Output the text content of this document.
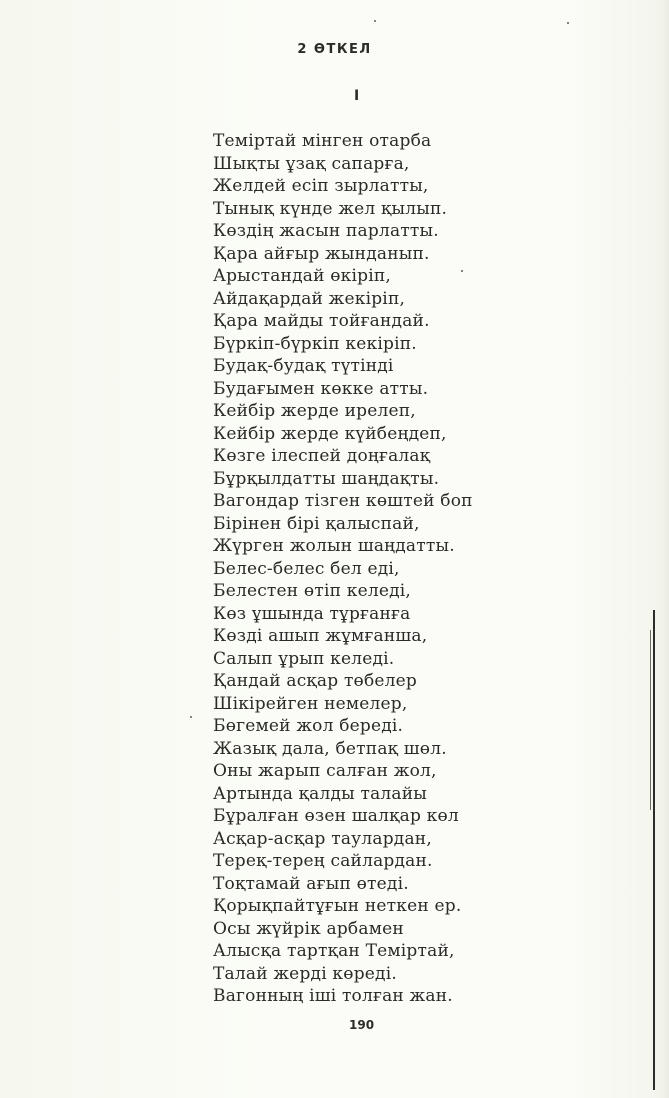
2 ӨТКЕЛ
I
Теміртай мінген отарба
Шықты ұзақ сапарға,
Желдей есіп зырлатты,
Тынық күнде жел қылып.
Көздің жасын парлатты.
Қара айғыр жынданып.
Арыстандай өкіріп,
Айдақардай жекіріп,
Қара майды тойғандай.
Бүркіп-бүркіп кекіріп.
Будақ-будақ түтінді
Будағымен көкке атты.
Кейбір жерде ирелеп,
Кейбір жерде күйбеңдеп,
Көзге ілеспей доңғалақ
Бұрқылдатты шаңдақты.
Вагондар тізген көштей боп
Бірінен бірі қалыспай,
Жүрген жолын шаңдатты.
Белес-белес бел еді,
Белестен өтіп келеді,
Көз ұшында тұрғанға
Көзді ашып жұмғанша,
Салып ұрып келеді.
Қандай асқар төбелер
Шікірейген немелер,
Бөгемей жол береді.
Жазық дала, бетпақ шөл.
Оны жарып салған жол,
Артында қалды талайы
Бұралған өзен шалқар көл
Асқар-асқар таулардан,
Тереқ-терең сайлардан.
Тоқтамай ағып өтеді.
Қорықпайтұғын неткен ер.
Осы жүйрік арбамен
Алысқа тартқан Теміртай,
Талай жерді көреді.
Вагонның іші толған жан.
190
